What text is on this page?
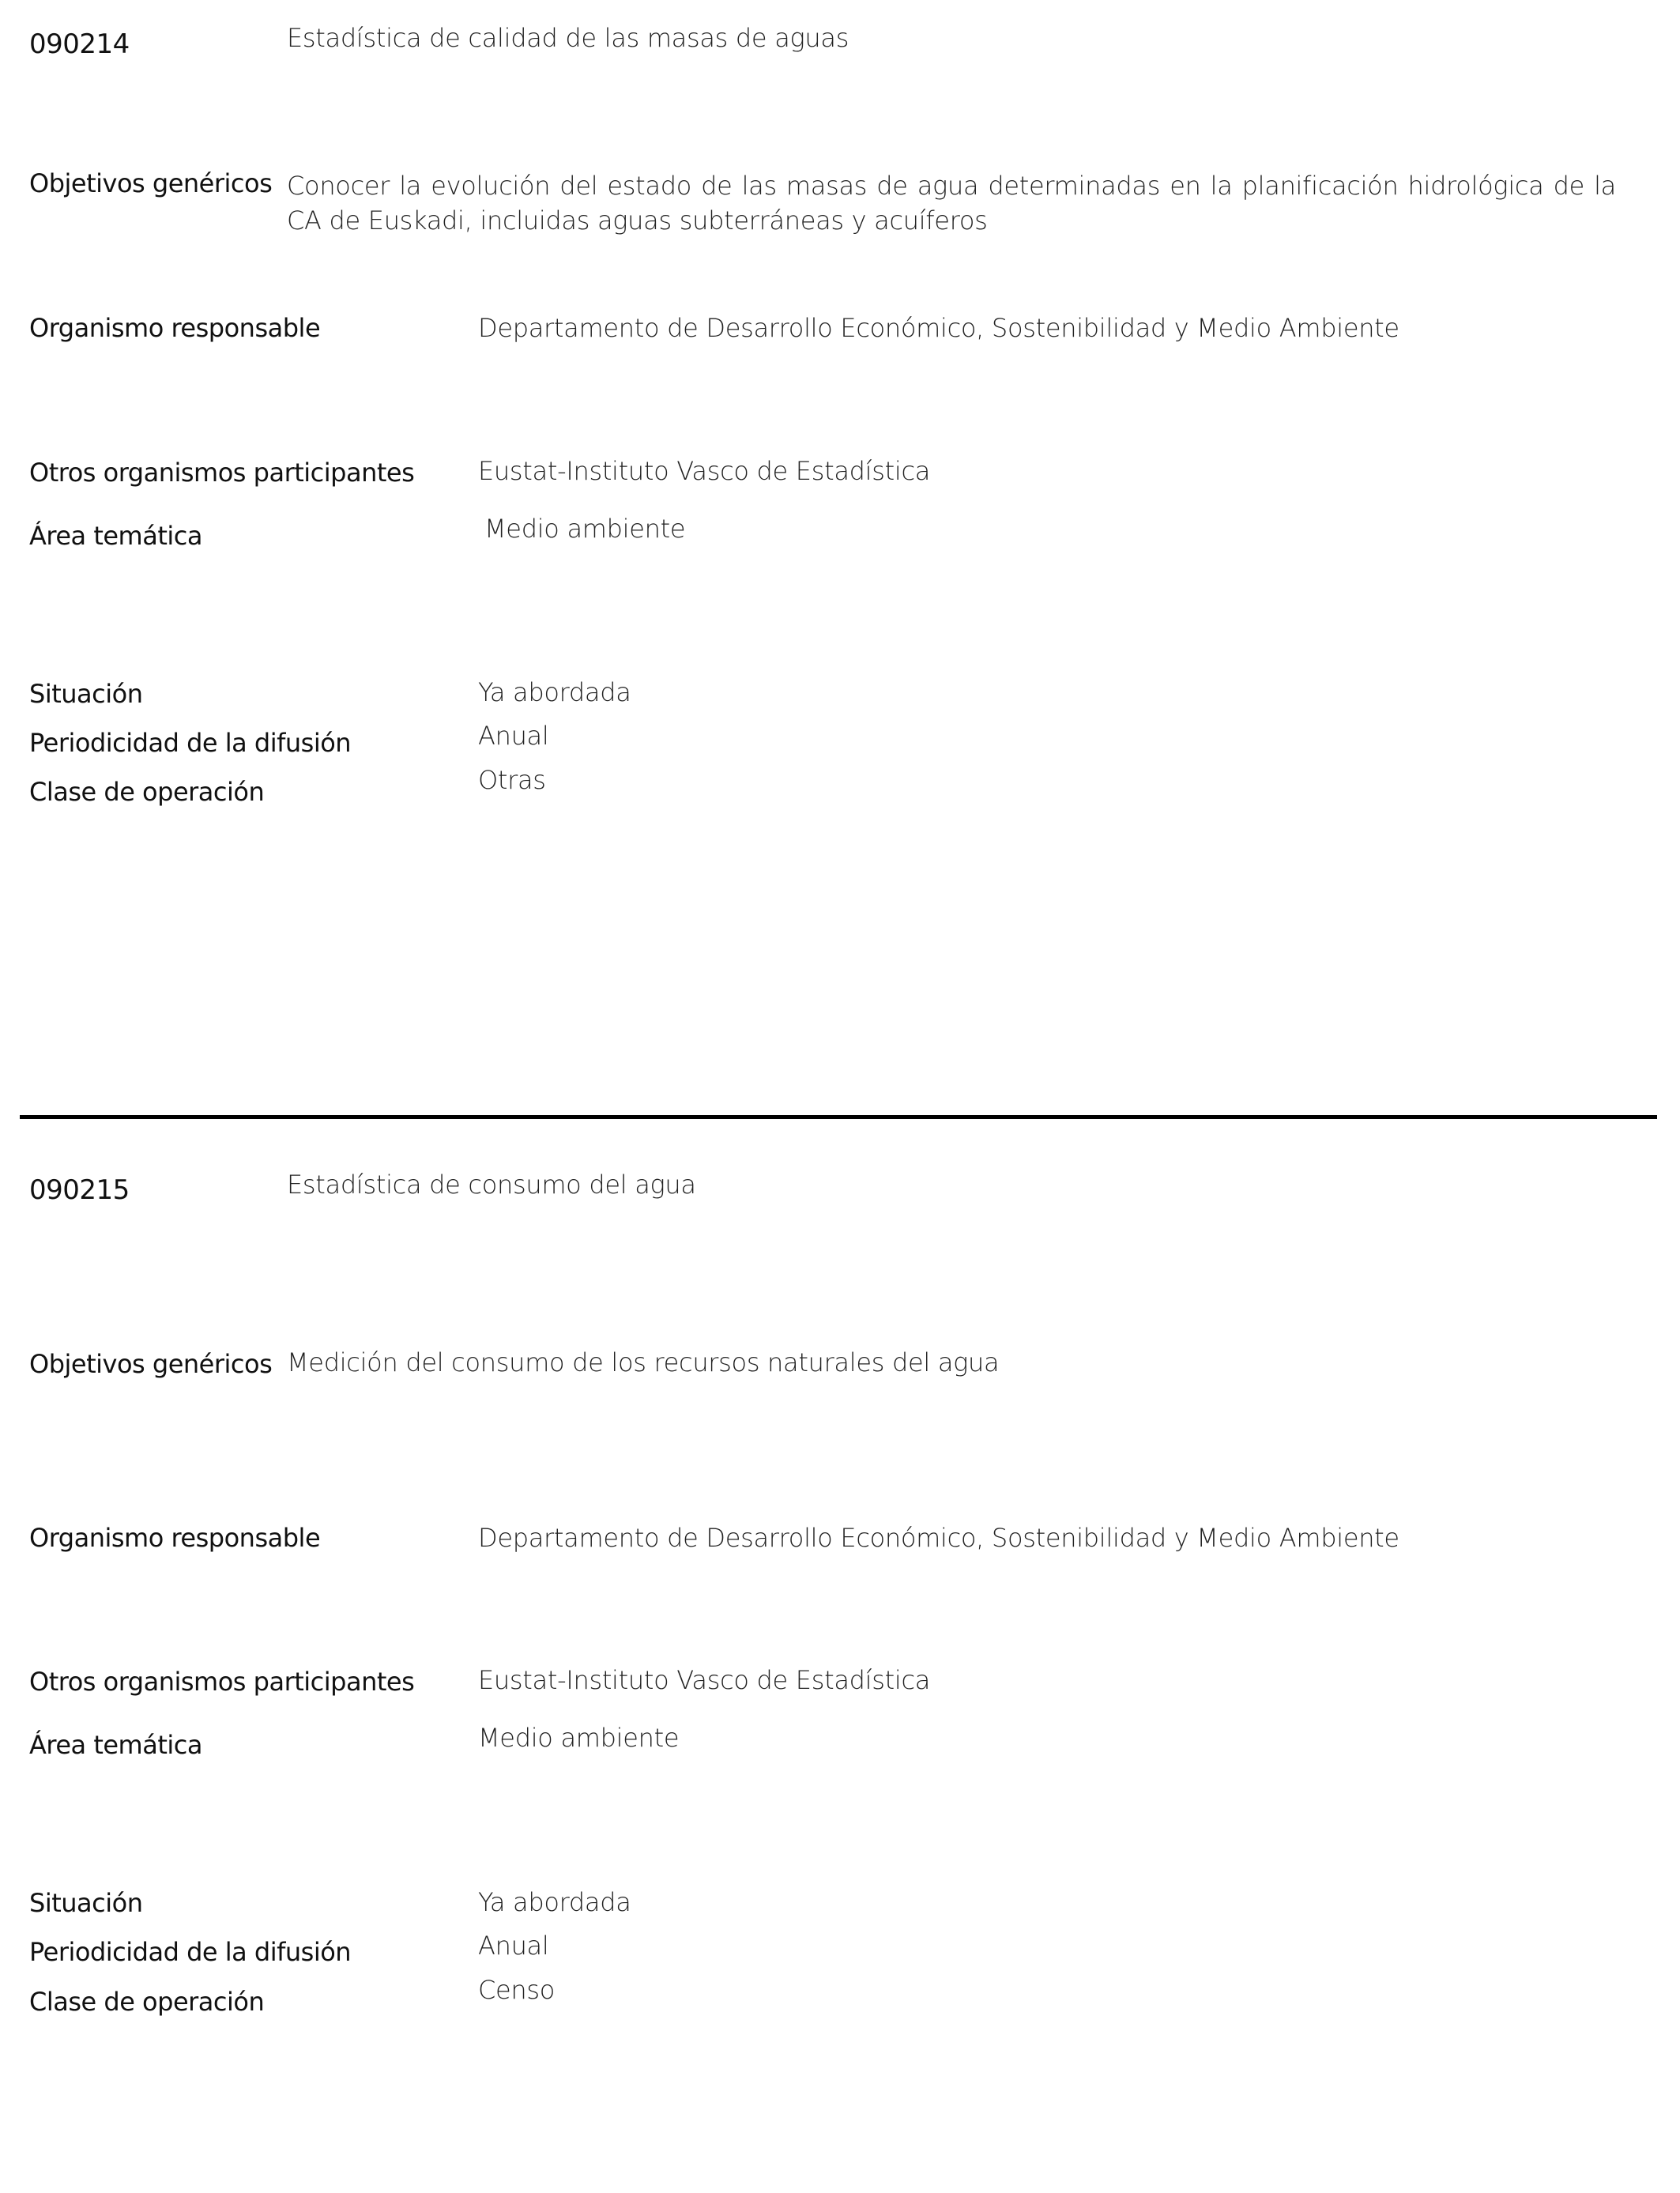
090214	Estadística de calidad de las masas de aguas
Objetivos genéricos Conocer la evolución del estado de las masas de agua determinadas en la planificación hidrológica de la CA de Euskadi, incluidas aguas subterráneas y acuíferos
Organismo responsable	Departamento de Desarrollo Económico, Sostenibilidad y Medio Ambiente
Otros organismos participantes	Eustat-Instituto Vasco de Estadística
Área temática	Medio ambiente
Situación	Ya abordada
Periodicidad de la difusión	Anual
Clase de operación	Otras
090215	Estadística de consumo del agua
Objetivos genéricos Medición del consumo de los recursos naturales del agua
Organismo responsable	Departamento de Desarrollo Económico, Sostenibilidad y Medio Ambiente
Otros organismos participantes	Eustat-Instituto Vasco de Estadística
Área temática	Medio ambiente
Situación	Ya abordada
Periodicidad de la difusión	Anual
Clase de operación	Censo
